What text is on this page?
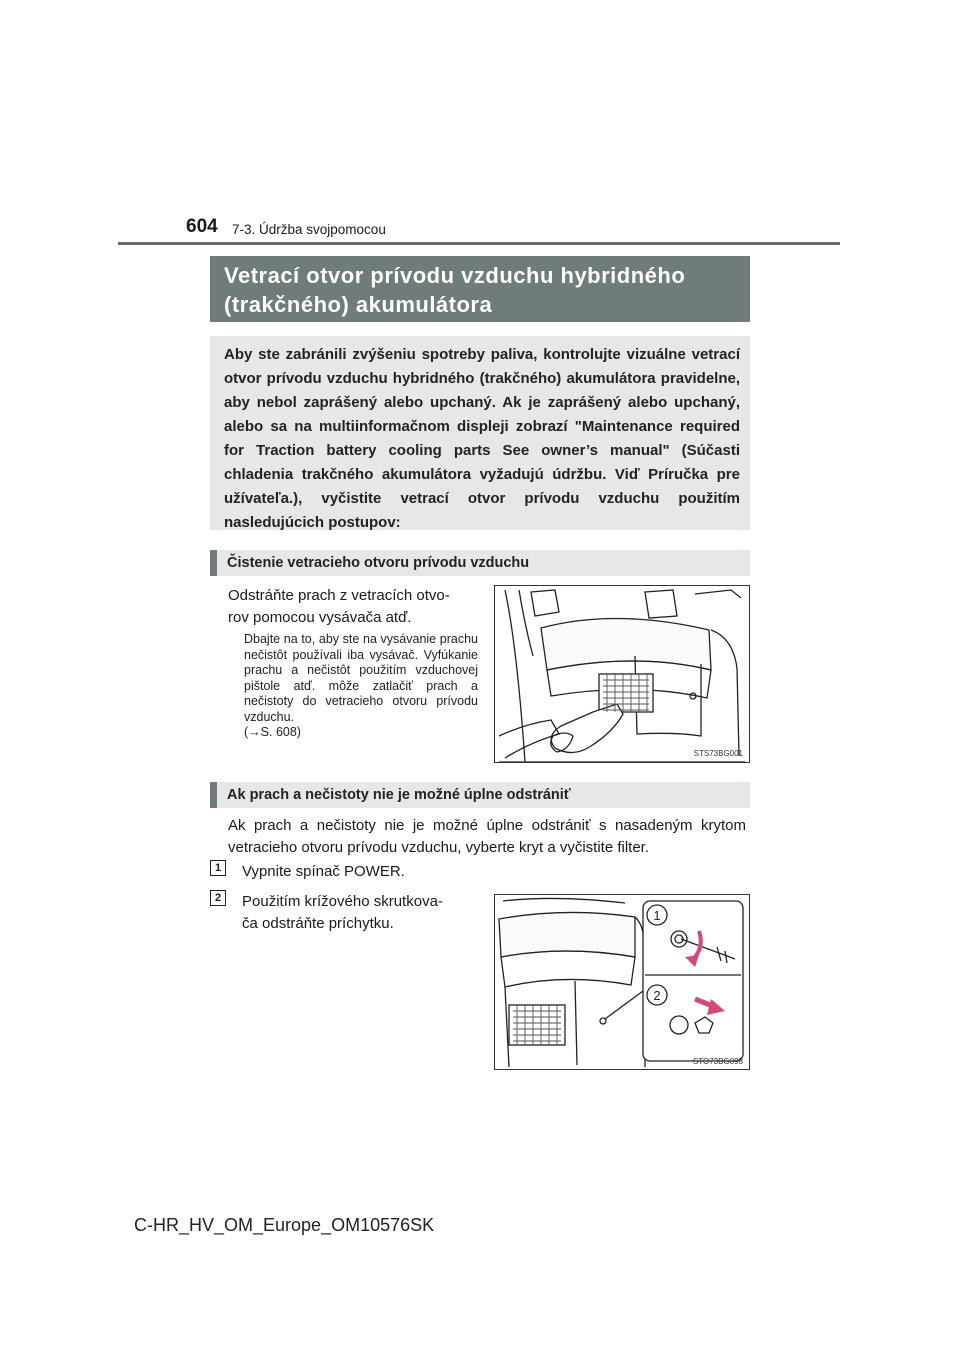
604 7-3. Údržba svojpomocou
Vetrací otvor prívodu vzduchu hybridného
(trakčného) akumulátora
Aby ste zabránili zvýšeniu spotreby paliva, kontrolujte vizuálne vetrací otvor prívodu vzduchu hybridného (trakčného) akumulátora pravidelne, aby nebol zaprášený alebo upchaný. Ak je zaprášený alebo upchaný, alebo sa na multiinformačnom displeji zobrazí "Maintenance required for Traction battery cooling parts See owner’s manual" (Súčasti chladenia trakčného akumulátora vyžadujú údržbu. Viď Príručka pre užívateľa.), vyčistite vetrací otvor prívodu vzduchu použitím nasledujúcich postupov:
Čistenie vetracieho otvoru prívodu vzduchu
Odstráňte prach z vetracích otvo-
rov pomocou vysávača atď.
Dbajte na to, aby ste na vysávanie prachu nečistôt používali iba vysávač. Vyfúkanie prachu a nečistôt použitím vzduchovej pištole atď. môže zatlačiť prach a nečistoty do vetracieho otvoru prívodu vzduchu.
(→S. 608)
STS73BG001
Ak prach a nečistoty nie je možné úplne odstrániť
Ak prach a nečistoty nie je možné úplne odstrániť s nasadeným krytom vetracieho otvoru prívodu vzduchu, vyberte kryt a vyčistite filter.
1	Vypnite spínač POWER.
2	Použitím krížového skrutkova-
ča odstráňte príchytku.	1
2
STO73BG098
C-HR_HV_OM_Europe_OM10576SK
